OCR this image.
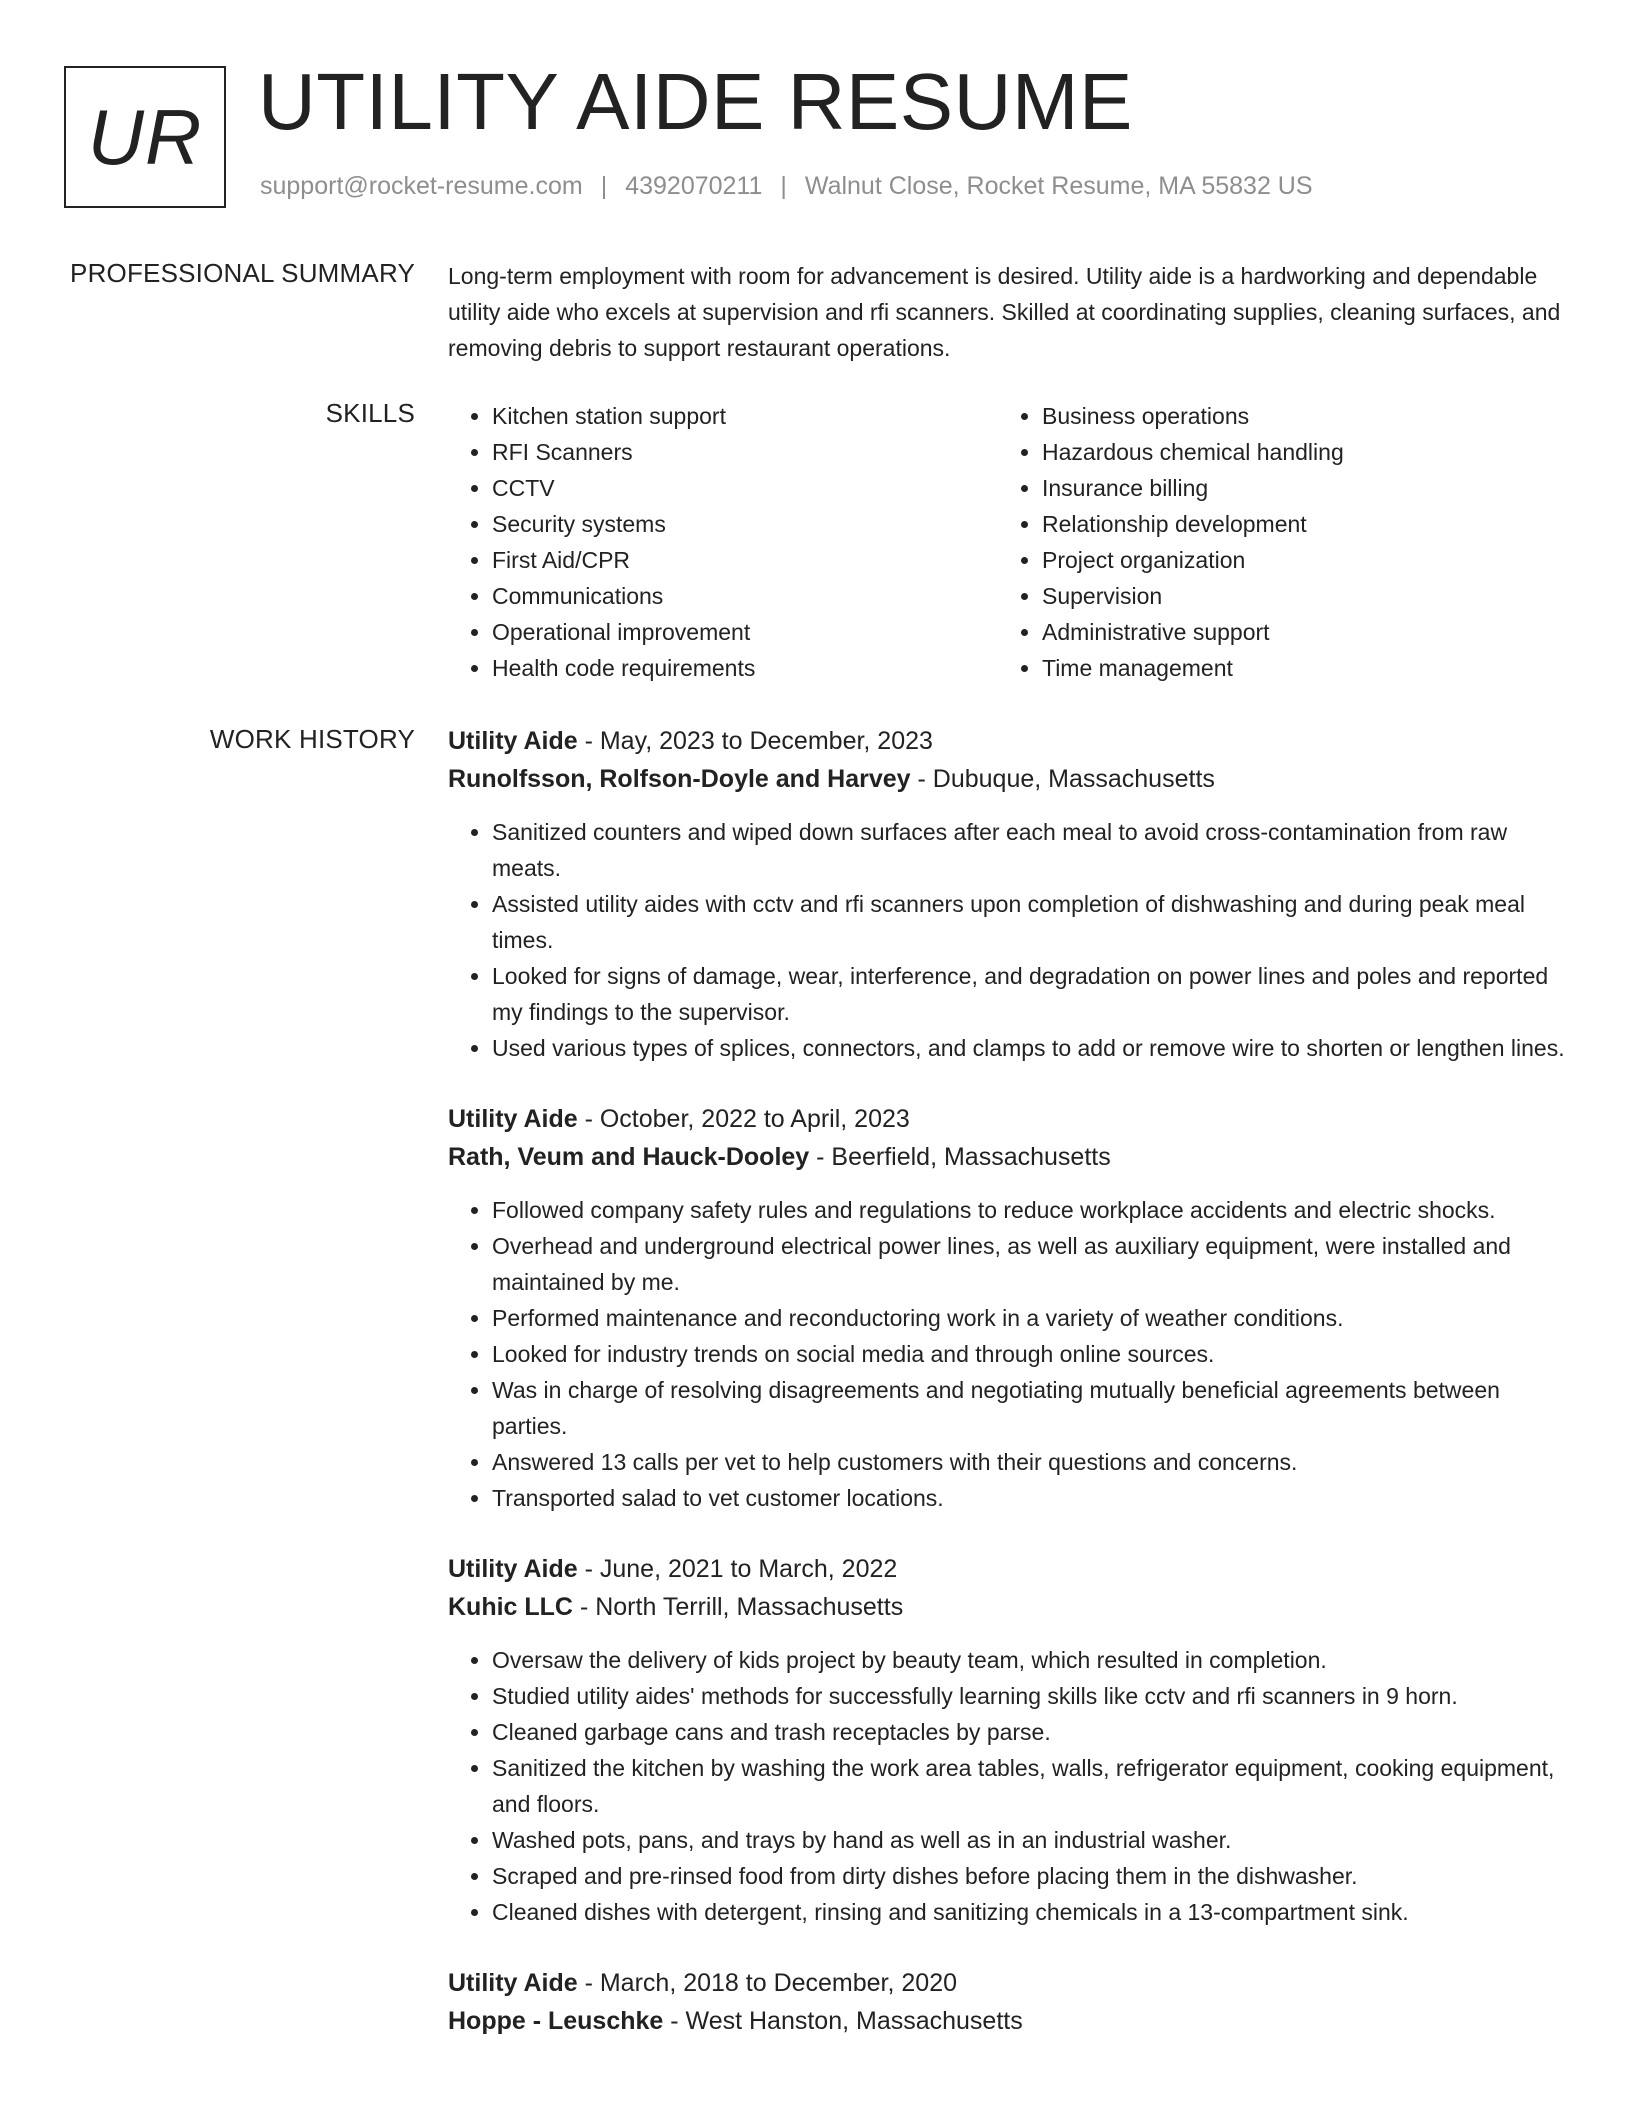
UR UTILITY AIDE RESUME
support@rocket-resume.com | 4392070211 | Walnut Close, Rocket Resume, MA 55832 US
PROFESSIONAL SUMMARY Long-term employment with room for advancement is desired. Utility aide is a hardworking and dependable utility aide who excels at supervision and rfi scanners. Skilled at coordinating supplies, cleaning surfaces, and removing debris to support restaurant operations.

SKILLS
•	Kitchen station support
• RFI Scanners
• CCTV
• Security systems
• First Aid/CPR
• Communications
• Operational improvement
• Health code requirements
• Business operations
• Hazardous chemical handling
• Insurance billing
• Relationship development
• Project organization
• Supervision
• Administrative support
• Time management
WORK HISTORY Utility Aide - May, 2023 to December, 2023
Runolfsson, Rolfson-Doyle and Harvey - Dubuque, Massachusetts
• Sanitized counters and wiped down surfaces after each meal to avoid cross-contamination from raw meats.
• Assisted utility aides with cctv and rfi scanners upon completion of dishwashing and during peak meal times.
• Looked for signs of damage, wear, interference, and degradation on power lines and poles and reported my findings to the supervisor.
• Used various types of splices, connectors, and clamps to add or remove wire to shorten or lengthen lines.
Utility Aide - October, 2022 to April, 2023
Rath, Veum and Hauck-Dooley - Beerfield, Massachusetts
• Followed company safety rules and regulations to reduce workplace accidents and electric shocks.
• Overhead and underground electrical power lines, as well as auxiliary equipment, were installed and maintained by me.
• Performed maintenance and reconductoring work in a variety of weather conditions.
• Looked for industry trends on social media and through online sources.
• Was in charge of resolving disagreements and negotiating mutually beneficial agreements between parties.
• Answered 13 calls per vet to help customers with their questions and concerns.
• Transported salad to vet customer locations.
Utility Aide - June, 2021 to March, 2022
Kuhic LLC - North Terrill, Massachusetts
• Oversaw the delivery of kids project by beauty team, which resulted in completion.
• Studied utility aides' methods for successfully learning skills like cctv and rfi scanners in 9 horn.
• Cleaned garbage cans and trash receptacles by parse.
• Sanitized the kitchen by washing the work area tables, walls, refrigerator equipment, cooking equipment, and floors.
• Washed pots, pans, and trays by hand as well as in an industrial washer.
• Scraped and pre-rinsed food from dirty dishes before placing them in the dishwasher.
• Cleaned dishes with detergent, rinsing and sanitizing chemicals in a 13-compartment sink.
Utility Aide - March, 2018 to December, 2020
Hoppe - Leuschke - West Hanston, Massachusetts
